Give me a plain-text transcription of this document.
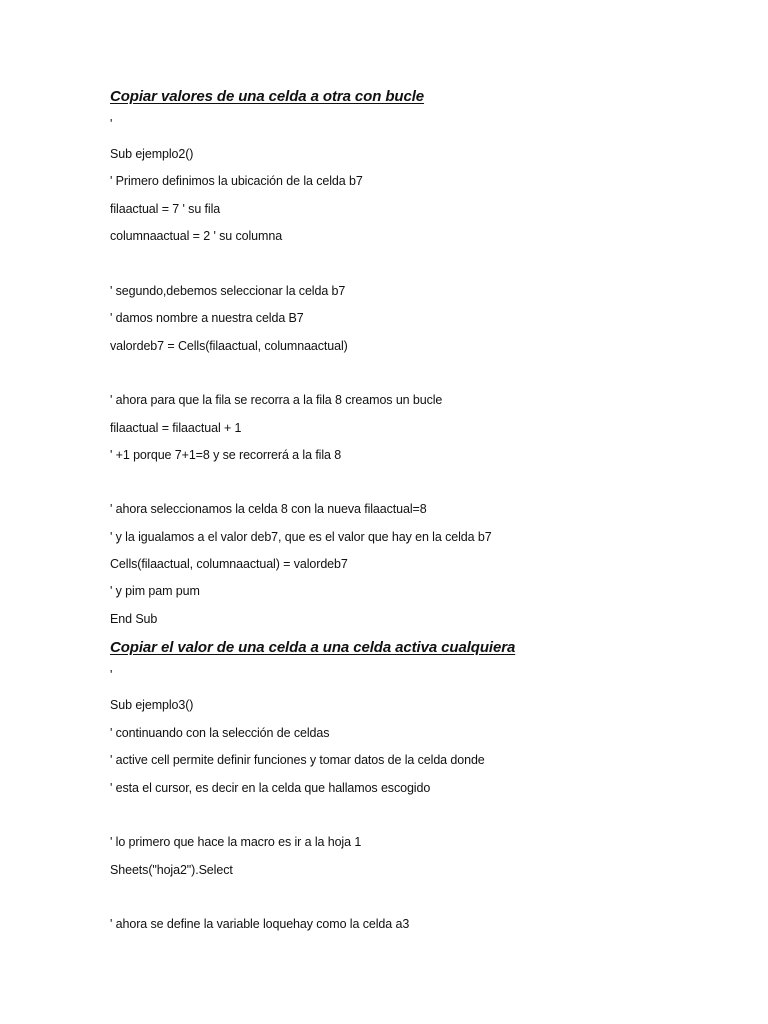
Copiar valores de una celda a otra con bucle
'
Sub ejemplo2()
' Primero definimos la ubicación de la celda b7
filaactual = 7 ' su fila
columnaactual = 2 ' su columna
' segundo,debemos seleccionar la celda b7
' damos nombre a nuestra celda B7
valordeb7 = Cells(filaactual, columnaactual)
' ahora para que la fila se recorra a la fila 8 creamos un bucle
filaactual = filaactual + 1
' +1 porque 7+1=8 y se recorrerá a la fila 8
' ahora seleccionamos la celda 8 con la nueva filaactual=8
' y la igualamos a el valor deb7, que es el valor que hay en la celda b7
Cells(filaactual, columnaactual) = valordeb7
' y pim pam pum
End Sub
Copiar el valor de una celda a una celda activa cualquiera
'
Sub ejemplo3()
' continuando con la selección de celdas
' active cell permite definir funciones y tomar datos de la celda donde
' esta el cursor, es decir en la celda que hallamos escogido
' lo primero que hace la macro es ir a la hoja 1
Sheets("hoja2").Select
' ahora se define la variable loquehay como la celda a3
